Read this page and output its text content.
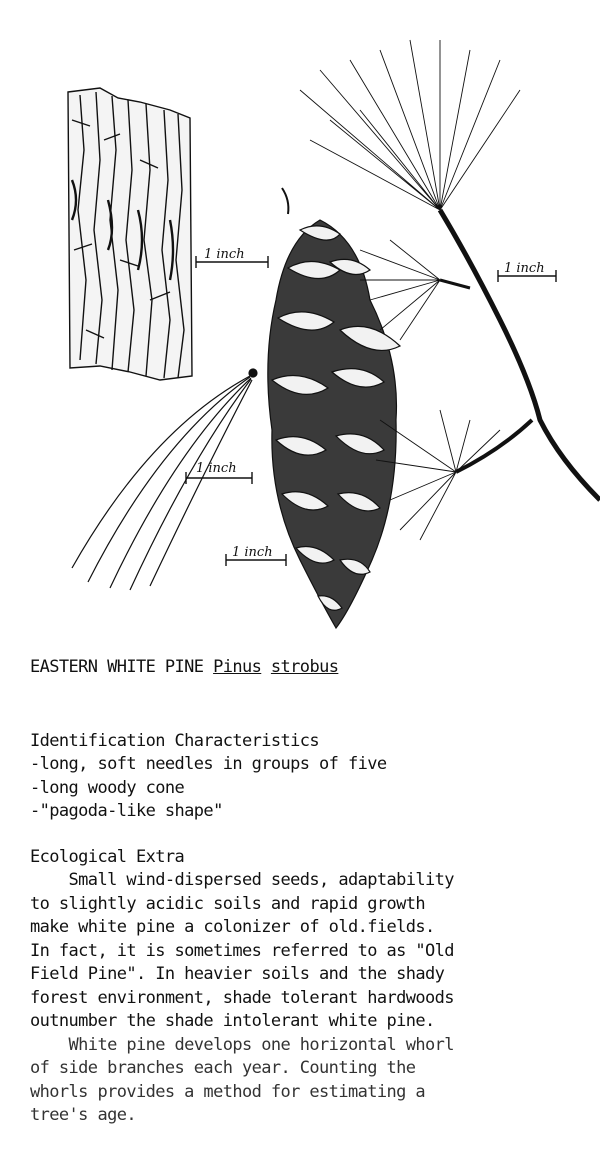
1 inch
1 inch
1 inch
1 inch
EASTERN WHITE PINE Pinus strobus

Identification Characteristics
-long, soft needles in groups of five
-long woody cone
-"pagoda-like shape"

Ecological Extra
Small wind-dispersed seeds, adaptability
to slightly acidic soils and rapid growth
make white pine a colonizer of old.fields.
In fact, it is sometimes referred to as "Old
Field Pine". In heavier soils and the shady
forest environment, shade tolerant hardwoods
outnumber the shade intolerant white pine.
White pine develops one horizontal whorl
of side branches each year. Counting the
whorls provides a method for estimating a
tree's age.
